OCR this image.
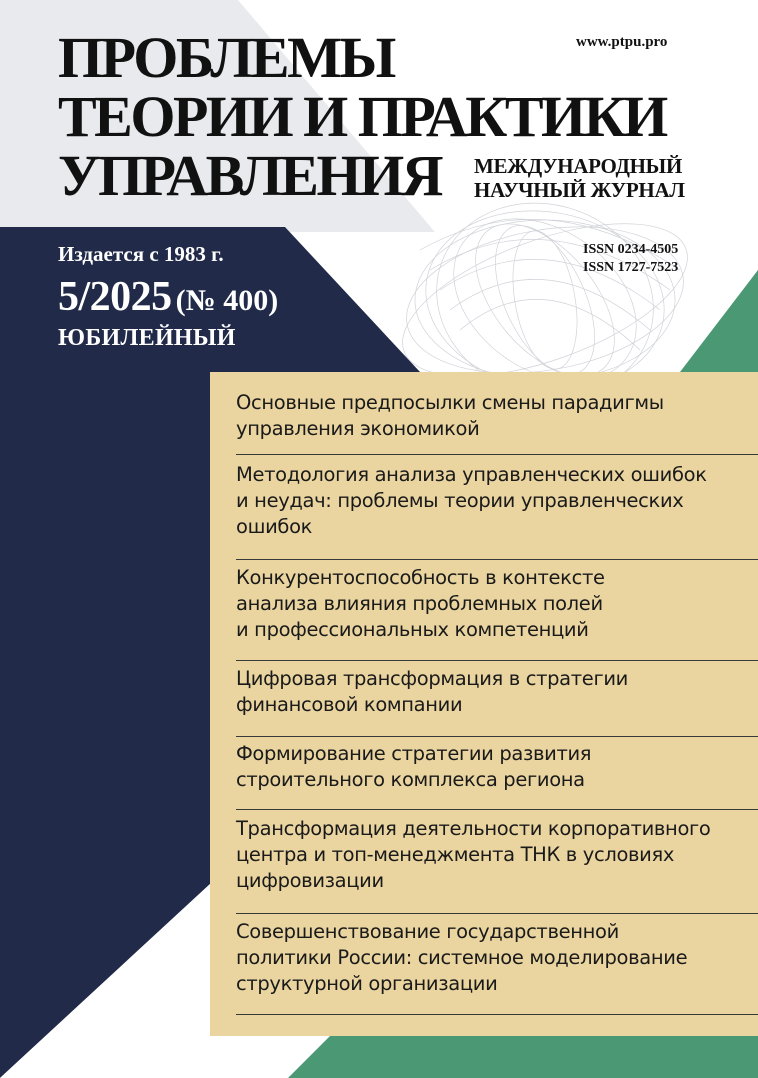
ПРОБЛЕМЫ
ТЕОРИИ И ПРАКТИКИ
УПРАВЛЕНИЯ	МЕЖДУНАРОДНЫЙ
НАУЧНЫЙ ЖУРНАЛ
www.ptpu.pro
ISSN 0234-4505
ISSN 1727-7523
Издается с 1983 г.
5/2025 (№ 400)
ЮБИЛЕЙНЫЙ
Основные предпосылки смены парадигмы
управления экономикой
Методология анализа управленческих ошибок
и неудач: проблемы теории управленческих
ошибок
Конкурентоспособность в контексте
анализа влияния проблемных полей
и профессиональных компетенций
Цифровая трансформация в стратегии
финансовой компании
Формирование стратегии развития
строительного комплекса региона
Трансформация деятельности корпоративного
центра и топ-менеджмента ТНК в условиях
цифровизации
Совершенствование государственной
политики России: системное моделирование
структурной организации
